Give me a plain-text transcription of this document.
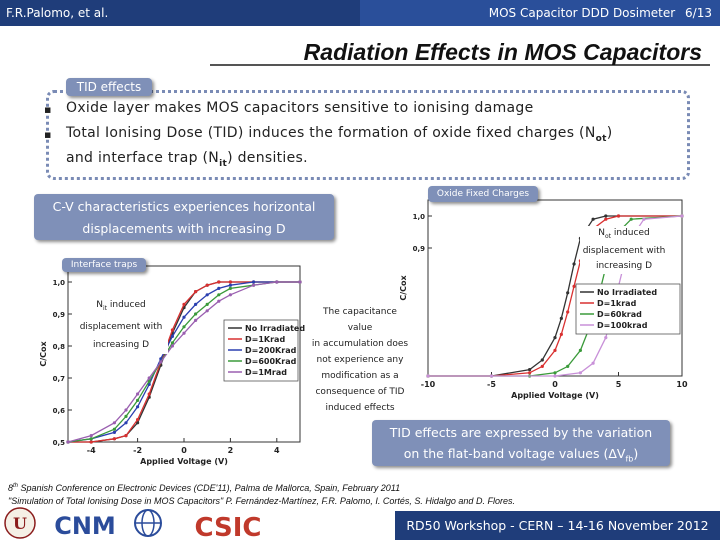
F.R.Palomo, et al.	MOS Capacitor DDD Dosimeter 6/13
Radiation Effects in MOS Capacitors
TID effects
▪ Oxide layer makes MOS capacitors sensitive to ionising damage
▪ Total Ionising Dose (TID) induces the formation of oxide fixed charges $(N_{ot})$
and interface trap $(N_{it})$ densities.
-10	-5	0	5	10
0,9
1,0
Applied Voltage (V)
C/Cox	No Irradiated
D=1krad
D=60krad
D=100krad
-4	-2	0	2	4
0,5
0,6
0,7
0,8
0,9
1,0
Applied Voltage (V)
C/Cox
No Irradiated
D=1Krad
D=200Krad
D=600Krad
D=1Mrad
C-V characteristics experiences horizontal
displacements with increasing D
Interface traps
Oxide Fixed Charges
$N_{it}$ induced
displacement with
increasing D
$N_{ot}$ induced
displacement with
increasing D
The capacitance value
in accumulation does
not experience any
modification as a
consequence of TID
induced effects
TID effects are expressed by the variation
on the flat-band voltage values $(\Delta V_{fb})$
8th Spanish Conference on Electronic Devices (CDE'11), Palma de Mallorca, Spain, February 2011
"Simulation of Total Ionising Dose in MOS Capacitors" P. Fernández-Martínez, F.R. Palomo, I. Cortés, S. Hidalgo and D. Flores.
U CNM	CSIC	RD50 Workshop - CERN – 14-16 November 2012
